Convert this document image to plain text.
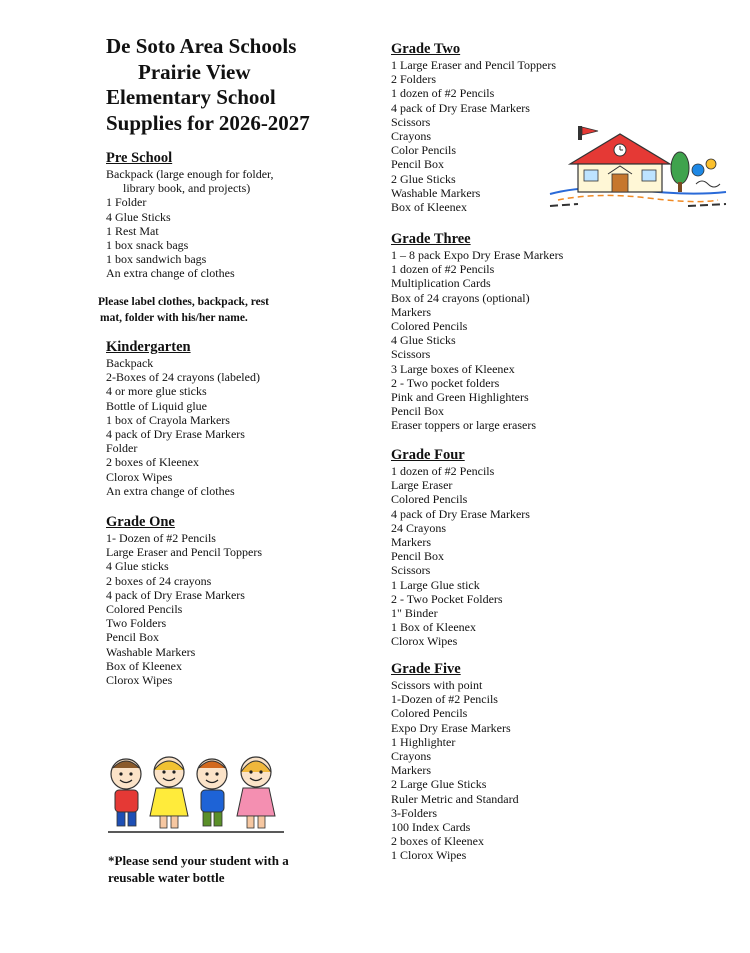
De Soto Area Schools
Prairie View
Elementary School
Supplies for 2026-2027
Pre School
Backpack (large enough for folder,
library book, and projects)
1 Folder
4 Glue Sticks
1 Rest Mat
1 box snack bags
1 box sandwich bags
An extra change of clothes
Please label clothes, backpack, rest
mat, folder with his/her name.
Kindergarten
Backpack
2-Boxes of 24 crayons (labeled)
4 or more glue sticks
Bottle of Liquid glue
1 box of Crayola Markers
4 pack of Dry Erase Markers
Folder
2 boxes of Kleenex
Clorox Wipes
An extra change of clothes
Grade One
1- Dozen of #2 Pencils
Large Eraser and Pencil Toppers
4 Glue sticks
2 boxes of 24 crayons
4 pack of Dry Erase Markers
Colored Pencils
Two Folders
Pencil Box
Washable Markers
Box of Kleenex
Clorox Wipes
*Please send your student with a
reusable water bottle
Grade Two
1 Large Eraser and Pencil Toppers
2 Folders
1 dozen of #2 Pencils
4 pack of Dry Erase Markers
Scissors
Crayons
Color Pencils
Pencil Box
2 Glue Sticks
Washable Markers
Box of Kleenex
Grade Three
1 – 8 pack Expo Dry Erase Markers
1 dozen of #2 Pencils
Multiplication Cards
Box of 24 crayons (optional)
Markers
Colored Pencils
4 Glue Sticks
Scissors
3 Large boxes of Kleenex
2 - Two pocket folders
Pink and Green Highlighters
Pencil Box
Eraser toppers or large erasers
Grade Four
1 dozen of #2 Pencils
Large Eraser
Colored Pencils
4 pack of Dry Erase Markers
24 Crayons
Markers
Pencil Box
Scissors
1 Large Glue stick
2 - Two Pocket Folders
1" Binder
1 Box of Kleenex
Clorox Wipes
Grade Five
Scissors with point
1-Dozen of #2 Pencils
Colored Pencils
Expo Dry Erase Markers
1 Highlighter
Crayons
Markers
2 Large Glue Sticks
Ruler Metric and Standard
3-Folders
100 Index Cards
2 boxes of Kleenex
1 Clorox Wipes
